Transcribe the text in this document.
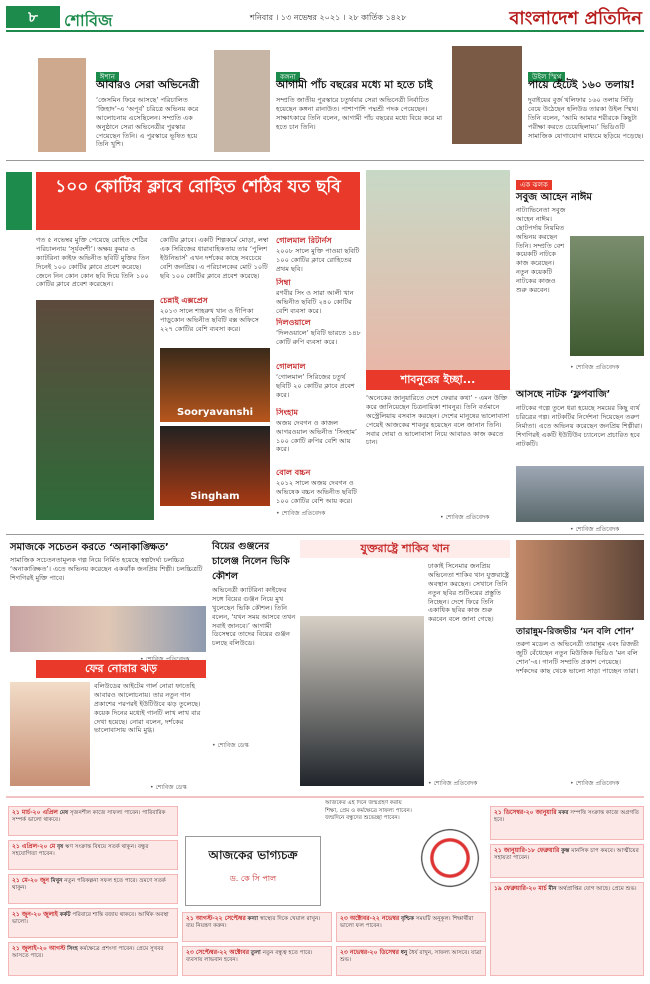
৮	শোবিজ	শনিবার । ১৩ নভেম্বর ২০২১ । ২৮ কার্তিক ১৪২৮	বাংলাদেশ প্রতিদিন
ঈশান
আবারও সেরা অভিনেত্রী
‘জেসমিন ফিরে আসছে’ পরিচালিত ‘জিহাদ’-এ ‘অপূর্ব’ চরিত্রে অভিনয় করে আলোচনায় এসেছিলেন। সম্প্রতি এক অনুষ্ঠানে সেরা অভিনেত্রীর পুরস্কার পেয়েছেন তিনি। এ পুরস্কারে ভূষিত হয়ে তিনি খুশি।
কঙ্গনা
আগামী পাঁচ বছরের মধ্যে মা হতে চাই
সম্প্রতি জাতীয় পুরস্কারে চতুর্থবার সেরা অভিনেত্রী নির্বাচিত হয়েছেন কঙ্গনা রানাউত। পাশাপাশি পদ্মশ্রী পদক পেয়েছেন। সাক্ষাৎকারে তিনি বলেন, আগামী পাঁচ বছরের মধ্যে বিয়ে করে মা হতে চান তিনি।
উইল স্মিথ
পায়ে হেঁটেই ১৬০ তলায়!
দুবাইয়ের বুর্জ খলিফার ১৬০ তলায় সিঁড়ি বেয়ে উঠেছেন হলিউড তারকা উইল স্মিথ। তিনি বলেন, ‘আমি আমার শরীরকে কিছুটা পরীক্ষা করতে চেয়েছিলাম।’ ভিডিওটি সামাজিক যোগাযোগ মাধ্যমে ছড়িয়ে পড়েছে।
১০০ কোটির ক্লাবে রোহিত শেঠির যত ছবি
গত ৫ নভেম্বর মুক্তি পেয়েছে রোহিত শেঠির পরিচালনায় ‘সূর্যবংশী’। অক্ষয় কুমার ও ক্যাটরিনা কাইফ অভিনীত ছবিটি মুক্তির তিন দিনেই ১০০ কোটির ক্লাবে প্রবেশ করেছে। জেনে নিন কোন কোন ছবি দিয়ে তিনি ১০০ কোটির ক্লাবে প্রবেশ করেছেন।
কোটির ক্লাবে। একটি শিল্পকর্মে মোড়া, লম্বা এক সিরিজের ধারাবাহিকতায় তার ‘পুলিশ ইউনিভার্স’ এখন দর্শকের কাছে সবচেয়ে বেশি জনপ্রিয়। এ পরিচালকের মোট ১০টি ছবি ১০০ কোটির ক্লাবে প্রবেশ করেছে।
গোলমাল রিটার্নস
২০০৮ সালে মুক্তি পাওয়া ছবিটি ১০০ কোটির ক্লাবে রোহিতের প্রথম ছবি।
চেন্নাই এক্সপ্রেস
২০১৩ সালে শাহরুখ খান ও দীপিকা পাড়ুকোন অভিনীত ছবিটি বক্স অফিসে ২২৭ কোটির বেশি ব্যবসা করে।
সিম্বা
রণবীর সিং ও সারা আলী খান অভিনীত ছবিটি ২৪০ কোটির বেশি ব্যবসা করে।
দিলওয়ালে
‘দিলওয়ালে’ ছবিটি ভারতে ১৪৮ কোটি রুপি ব্যবসা করে।
গোলমাল
‘গোলমাল’ সিরিজের চতুর্থ ছবিটি ২০ কোটির ক্লাবে প্রবেশ করে।
সিংহাম
অজয় দেবগন ও কাজল আগরওয়াল অভিনীত ‘সিংহাম’ ১০০ কোটি রুপির বেশি আয় করে।
বোল বচ্চন
২০১২ সালে অজয় দেবগন ও অভিষেক বচ্চন অভিনীত ছবিটি ১০০ কোটির বেশি আয় করে।
Sooryavanshi
Singham
• শোবিজ প্রতিবেদক
শাবনুরের ইচ্ছা...
‘অনেকের জানুয়ারিতে দেশে ফেরার কথা’ - এমন উক্তি করে জানিয়েছেন চিত্রনায়িকা শাবনুর। তিনি বর্তমানে অস্ট্রেলিয়ায় বসবাস করছেন। দেশের মানুষের ভালোবাসা পেয়েই আজকের শাবনুর হয়েছেন বলে জানান তিনি। সবার দোয়া ও ভালোবাসা নিয়ে আবারও কাজ করতে চান।
• শোবিজ প্রতিবেদক
এক ঝলক
সবুজ আহেন নাঈম
নাট্যাভিনেতা সবুজ আহেন নাঈম। ছোটপর্দায় নিয়মিত অভিনয় করছেন তিনি। সম্প্রতি বেশ কয়েকটি নাটকে কাজ করেছেন। নতুন কয়েকটি নাটকের কাজও শুরু করবেন।
• শোবিজ প্রতিবেদক
আসছে নাটক ‘ফ্লপবাজি’
নাটকের গল্পে তুলে ধরা হয়েছে সময়ের কিছু ব্যর্থ চরিত্রের গল্প। নাটকটির নির্দেশনা দিয়েছেন তরুণ নির্মাতা। এতে অভিনয় করেছেন জনপ্রিয় শিল্পীরা। শিগগিরই একটি ইউটিউব চ্যানেলে প্রচারিত হবে নাটকটি।
• শোবিজ প্রতিবেদক
সমাজকে সচেতন করতে ‘অনাকাঙ্ক্ষিত’
সামাজিক সচেতনতামূলক গল্প নিয়ে নির্মিত হয়েছে স্বল্পদৈর্ঘ্য চলচ্চিত্র ‘অনাকাঙ্ক্ষিত’। এতে অভিনয় করেছেন একঝাঁক জনপ্রিয় শিল্পী। চলচ্চিত্রটি শিগগিরই মুক্তি পাবে।
বিয়ের গুঞ্জনের চালেঞ্জ নিলেন ভিকি কৌশল
অভিনেত্রী ক্যাটরিনা কাইফের সঙ্গে বিয়ের গুঞ্জন নিয়ে মুখ খুলেছেন ভিকি কৌশল। তিনি বলেন, ‘যখন সময় আসবে তখন সবাই জানবে।’ আগামী ডিসেম্বরে তাদের বিয়ের গুঞ্জন চলছে বলিউডে।
• শোবিজ ডেস্ক
যুক্তরাষ্ট্রে শাকিব খান
ঢাকাই সিনেমার জনপ্রিয় অভিনেতা শাকিব খান যুক্তরাষ্ট্রে অবস্থান করছেন। সেখানে তিনি নতুন ছবির শুটিংয়ের প্রস্তুতি নিচ্ছেন। দেশে ফিরে তিনি একাধিক ছবির কাজ শুরু করবেন বলে জানা গেছে।
• শোবিজ প্রতিবেদক
ফের নোরার ঝড়
বলিউডের আইটেম গার্ল নোরা ফাতেহি আবারও আলোচনায়। তার নতুন গান প্রকাশের পরপরই ইউটিউবে ঝড় তুলেছে। কয়েক দিনের মধ্যেই গানটি লাখ লাখ বার দেখা হয়েছে। নোরা বলেন, দর্শকের ভালোবাসায় আমি মুগ্ধ।
• শোবিজ ডেস্ক
তারান্নুম-রিজভীর ‘মন বলি শোন’
তরুণ মডেল ও অভিনেত্রী তারান্নুম এবং রিজভী জুটি বেঁধেছেন নতুন মিউজিক ভিডিও ‘মন বলি শোন’-এ। গানটি সম্প্রতি প্রকাশ পেয়েছে। দর্শকদের কাছ থেকে ভালো সাড়া পাচ্ছেন তারা।
• শোবিজ প্রতিবেদক
আজকের ভাগ্যচক্র
ড. কে সি পাল
আজকের এই দিনে জন্মগ্রহণ করায় শিক্ষা, প্রেম ও কর্মক্ষেত্রে সাফল্য পাবেন। জন্মদিনে বন্ধুদের শুভেচ্ছা পাবেন।
২১ মার্চ-২০ এপ্রিল মেষ সৃজনশীল কাজে সাফল্য পাবেন। পারিবারিক সম্পর্ক ভালো থাকবে।
২১ এপ্রিল-২০ মে বৃষ ঋণ সংক্রান্ত বিষয়ে সতর্ক থাকুন। বন্ধুর সহযোগিতা পাবেন।
২১ মে-২০ জুন মিথুন নতুন পরিকল্পনা সফল হতে পারে। ভ্রমণে সতর্ক থাকুন।
২১ জুন-২০ জুলাই কর্কট পরিবারে শান্তি বজায় থাকবে। আর্থিক অবস্থা ভালো।
২১ জুলাই-২০ আগস্ট সিংহ কর্মক্ষেত্রে প্রশংসা পাবেন। প্রেমে সুখবর আসতে পারে।
২১ আগস্ট-২২ সেপ্টেম্বর কন্যা স্বাস্থ্যের দিকে খেয়াল রাখুন। ব্যয় নিয়ন্ত্রণ করুন।
২৩ সেপ্টেম্বর-২২ অক্টোবর তুলা নতুন বন্ধুত্ব হতে পারে। ব্যবসায় লাভবান হবেন।
২৩ অক্টোবর-২২ নভেম্বর বৃশ্চিক সময়টি অনুকূল। শিক্ষার্থীরা ভালো ফল পাবেন।
২৩ নভেম্বর-২০ ডিসেম্বর ধনু ধৈর্য রাখুন, সাফল্য আসবে। যাত্রা শুভ।
২১ ডিসেম্বর-২০ জানুয়ারি মকর সম্পত্তি সংক্রান্ত কাজে অগ্রগতি হবে।
২১ জানুয়ারি-১৮ ফেব্রুয়ারি কুম্ভ মানসিক চাপ কমবে। আত্মীয়ের সহায়তা পাবেন।
১৯ ফেব্রুয়ারি-২০ মার্চ মীন অর্থপ্রাপ্তির যোগ আছে। প্রেমে শুভ।
